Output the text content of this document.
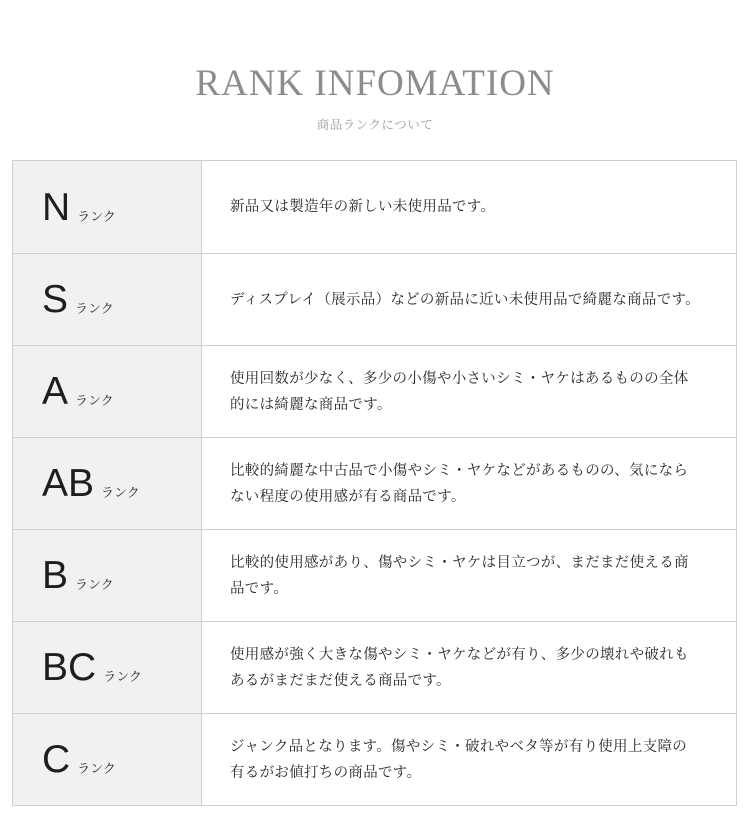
RANK INFOMATION
商品ランクについて
N ランク
新品又は製造年の新しい未使用品です。
S ランク
ディスプレイ（展示品）などの新品に近い未使用品で綺麗な商品です。
A ランク
使用回数が少なく、多少の小傷や小さいシミ・ヤケはあるものの全体的には綺麗な商品です。
AB ランク
比較的綺麗な中古品で小傷やシミ・ヤケなどがあるものの、気にならない程度の使用感が有る商品です。
B ランク
比較的使用感があり、傷やシミ・ヤケは目立つが、まだまだ使える商品です。
BC ランク
使用感が強く大きな傷やシミ・ヤケなどが有り、多少の壊れや破れもあるがまだまだ使える商品です。
C ランク
ジャンク品となります。傷やシミ・破れやベタ等が有り使用上支障の有るがお値打ちの商品です。
